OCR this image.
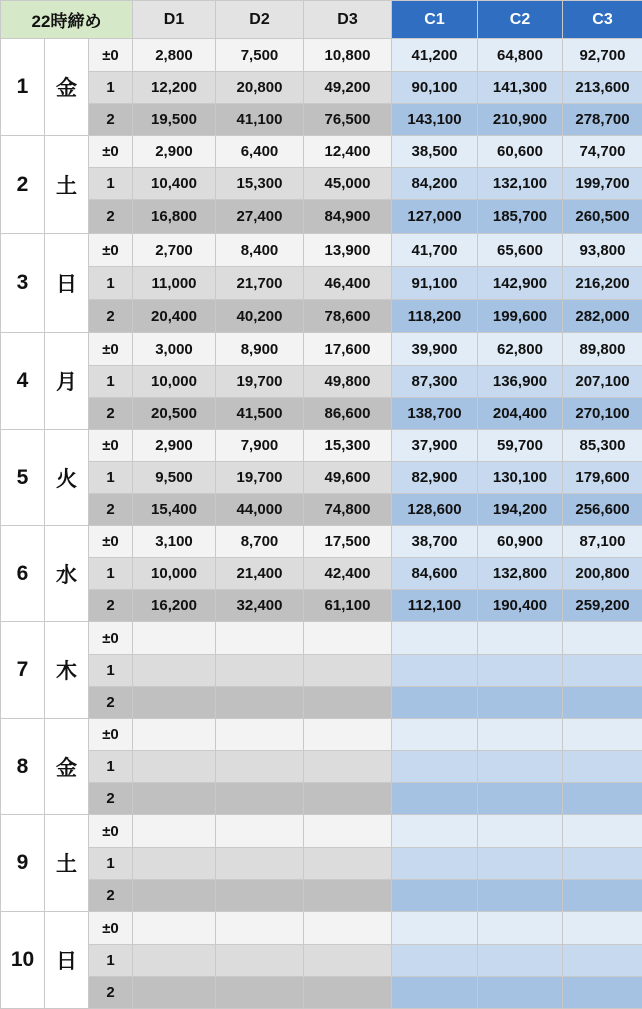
22時締め			D1	D2	D3	C1	C2	C3
1	金	±0	2,800	7,500	10,800	41,200	64,800	92,700
		1	12,200	20,800	49,200	90,100	141,300	213,600
		2	19,500	41,100	76,500	143,100	210,900	278,700
2	土	±0	2,900	6,400	12,400	38,500	60,600	74,700
		1	10,400	15,300	45,000	84,200	132,100	199,700
		2	16,800	27,400	84,900	127,000	185,700	260,500
3	日	±0	2,700	8,400	13,900	41,700	65,600	93,800
		1	11,000	21,700	46,400	91,100	142,900	216,200
		2	20,400	40,200	78,600	118,200	199,600	282,000
4	月	±0	3,000	8,900	17,600	39,900	62,800	89,800
		1	10,000	19,700	49,800	87,300	136,900	207,100
		2	20,500	41,500	86,600	138,700	204,400	270,100
5	火	±0	2,900	7,900	15,300	37,900	59,700	85,300
		1	9,500	19,700	49,600	82,900	130,100	179,600
		2	15,400	44,000	74,800	128,600	194,200	256,600
6	水	±0	3,100	8,700	17,500	38,700	60,900	87,100
		1	10,000	21,400	42,400	84,600	132,800	200,800
		2	16,200	32,400	61,100	112,100	190,400	259,200
7	木	±0						
		1						
		2						
8	金	±0						
		1						
		2						
9	土	±0						
		1						
		2						
10	日	±0						
		1						
		2						
